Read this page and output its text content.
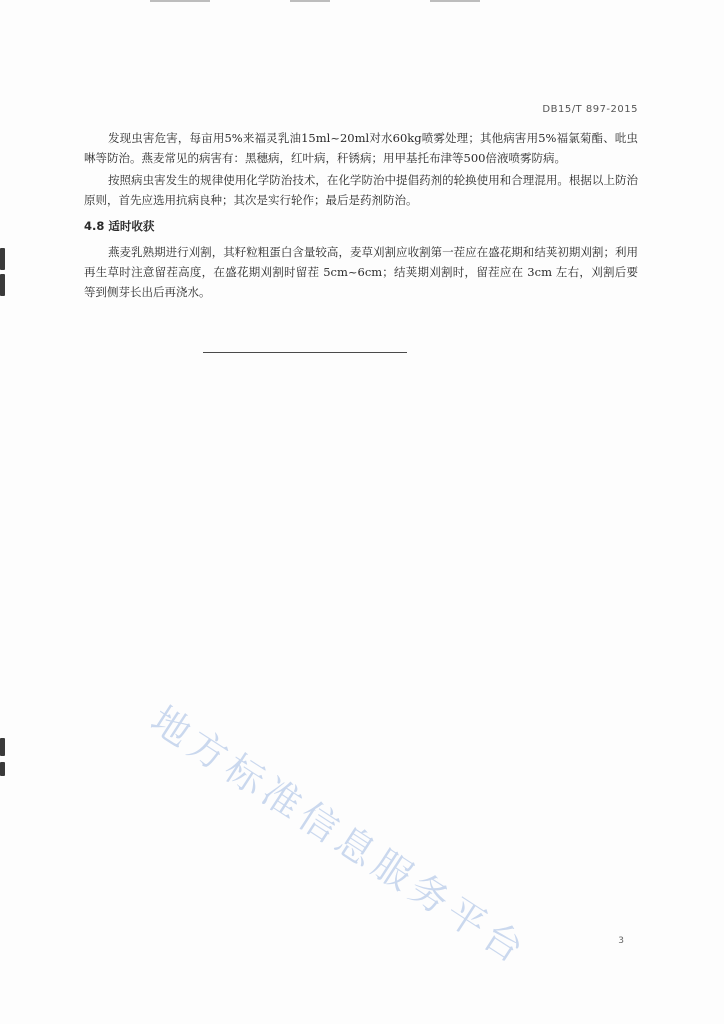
DB15/T 897-2015

发现虫害危害，每亩用5%来福灵乳油15ml~20ml对水60kg喷雾处理；其他病害用5%福氯菊酯、吡虫啉等防治。燕麦常见的病害有：黑穗病，红叶病，秆锈病；用甲基托布津等500倍液喷雾防病。

按照病虫害发生的规律使用化学防治技术，在化学防治中提倡药剂的轮换使用和合理混用。根据以上防治原则，首先应选用抗病良种；其次是实行轮作；最后是药剂防治。

4.8 适时收获

燕麦乳熟期进行刈割，其籽粒粗蛋白含量较高，麦草刈割应收割第一茬应在盛花期和结荚初期刈割；利用再生草时注意留茬高度，在盛花期刈割时留茬 5cm~6cm；结荚期刈割时，留茬应在 3cm 左右，刈割后要等到侧芽长出后再浇水。

地方标准信息服务平台	3
